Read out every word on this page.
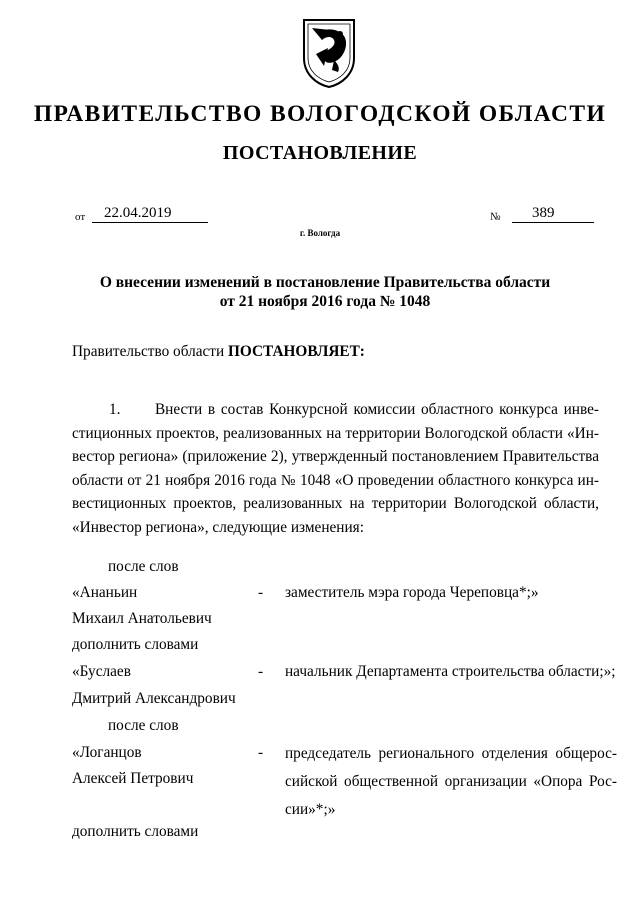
ПРАВИТЕЛЬСТВО ВОЛОГОДСКОЙ ОБЛАСТИ
ПОСТАНОВЛЕНИЕ
от	22.04.2019	№	389
г. Вологда
О внесении изменений в постановление Правительства области
от 21 ноября 2016 года № 1048
Правительство области ПОСТАНОВЛЯЕТ:
1.      Внести в состав Конкурсной комиссии областного конкурса инве-
стиционных проектов, реализованных на территории Вологодской области «Ин-
вестор региона» (приложение 2), утвержденный постановлением Правительства
области от 21 ноября 2016 года № 1048 «О проведении областного конкурса ин-
вестиционных проектов, реализованных на территории Вологодской области,
«Инвестор региона», следующие изменения:
после слов
«Ананьин	- заместитель мэра города Череповца*;»
Михаил Анатольевич
дополнить словами
«Буслаев	- начальник Департамента строительства области;»;
Дмитрий Александрович
после слов
«Логанцов	- председатель регионального отделения общерос-
сийской общественной организации «Опора Рос-
сии»*;»
Алексей Петрович
дополнить словами
